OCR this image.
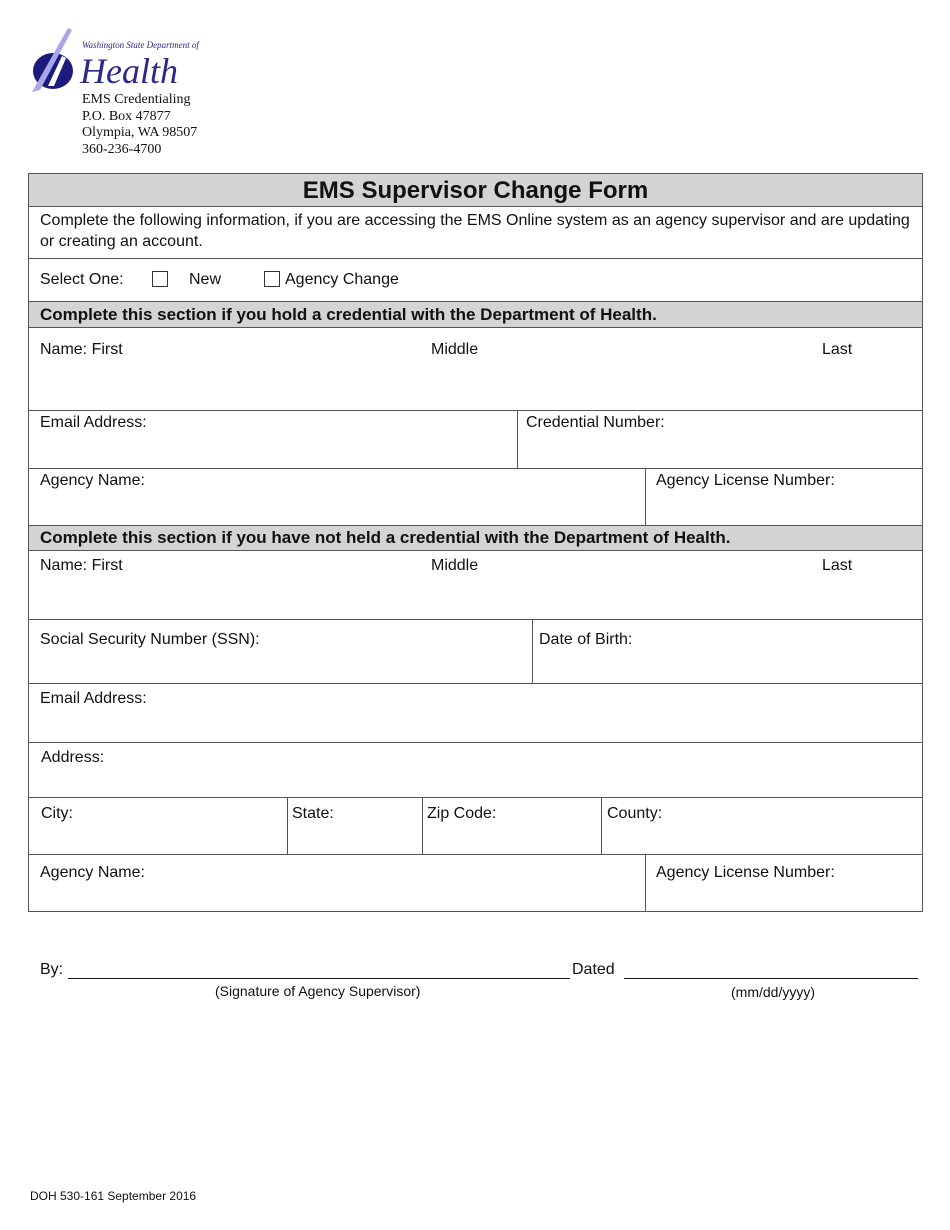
Washington State Department of
Health
EMS Credentialing
P.O. Box 47877
Olympia, WA 98507
360-236-4700
EMS Supervisor Change Form
Complete the following information, if you are accessing the EMS Online system as an agency supervisor and are updating or creating an account.
Select One:	New	Agency Change
Complete this section if you hold a credential with the Department of Health.
Name: First	Middle	Last
Email Address:	Credential Number:
Agency Name:	Agency License Number:
Complete this section if you have not held a credential with the Department of Health.
Name: First	Middle	Last
Social Security Number (SSN):	Date of Birth:
Email Address:
Address:
City:	State:	Zip Code:	County:
Agency Name:	Agency License Number:
By:
(Signature of Agency Supervisor)
Dated
(mm/dd/yyyy)
DOH 530-161 September 2016
